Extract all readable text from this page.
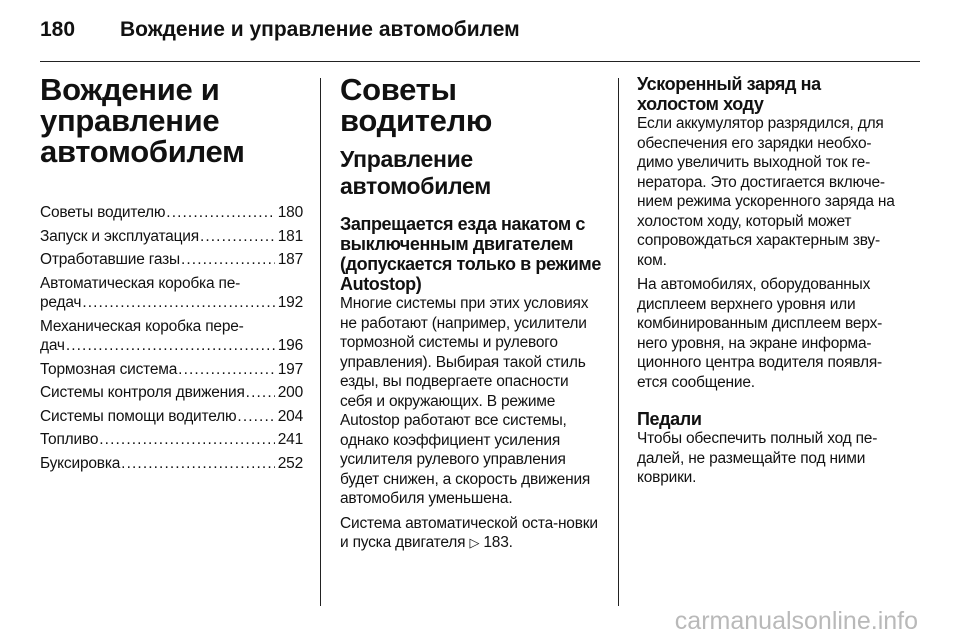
180 Вождение и управление автомобилем
Вождение и
управление
автомобилем
Советы водителю . . .	180
Запуск и эксплуатация . . .	181
Отработавшие газы . . .	187
Автоматическая коробка пе-
редач . . .	192
Механическая коробка пере-
дач . . .	196
Тормозная система . . .	197
Системы контроля движения . . . 200
Системы помощи водителю . . .	204
Топливо . . .	241
Буксировка . . .	252
Советы водителю
Управление автомобилем
Запрещается езда накатом с выключенным двигателем (допускается только в режиме Autostop)

Многие системы при этих условиях не работают (например, усилители тормозной системы и рулевого управления). Выбирая такой стиль езды, вы подвергаете опасности себя и окружающих. В режиме Autostop работают все системы, однако коэффициент усиления усилителя рулевого управления будет снижен, а скорость движения автомобиля уменьшена.

Система автоматической оста-новки и пуска двигателя ▷ 183.

Ускоренный заряд на холостом ходу

Если аккумулятор разрядился, для обеспечения его зарядки необхо-димо увеличить выходной ток ге-нератора. Это достигается включе-нием режима ускоренного заряда на холостом ходу, который может сопровождаться характерным зву-ком.

На автомобилях, оборудованных дисплеем верхнего уровня или комбинированным дисплеем верх-него уровня, на экране информа-ционного центра водителя появля-ется сообщение.

Педали

Чтобы обеспечить полный ход пе-далей, не размещайте под ними коврики.

carmanualsonline.info
